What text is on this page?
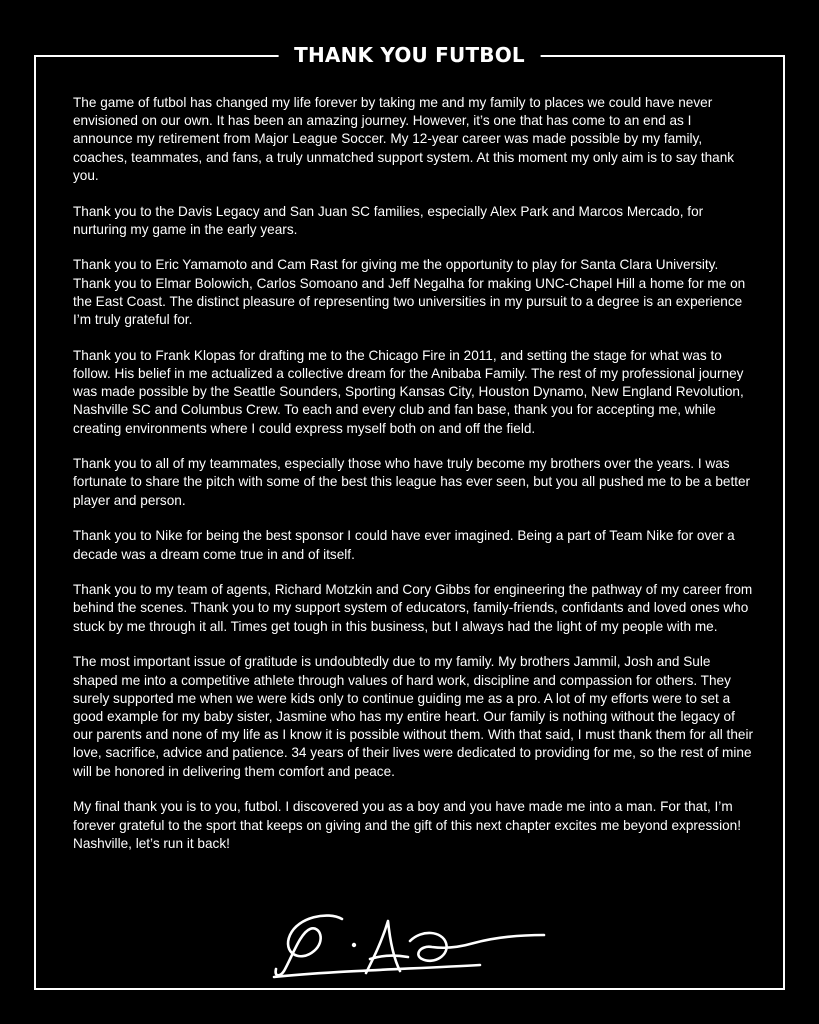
THANK YOU FUTBOL

The game of futbol has changed my life forever by taking me and my family to places we could have never envisioned on our own. It has been an amazing journey. However, it’s one that has come to an end as I announce my retirement from Major League Soccer. My 12-year career was made possible by my family, coaches, teammates, and fans, a truly unmatched support system. At this moment my only aim is to say thank you.

Thank you to the Davis Legacy and San Juan SC families, especially Alex Park and Marcos Mercado, for nurturing my game in the early years.

Thank you to Eric Yamamoto and Cam Rast for giving me the opportunity to play for Santa Clara University. Thank you to Elmar Bolowich, Carlos Somoano and Jeff Negalha for making UNC-Chapel Hill a home for me on the East Coast. The distinct pleasure of representing two universities in my pursuit to a degree is an experience I’m truly grateful for.

Thank you to Frank Klopas for drafting me to the Chicago Fire in 2011, and setting the stage for what was to follow. His belief in me actualized a collective dream for the Anibaba Family. The rest of my professional journey was made possible by the Seattle Sounders, Sporting Kansas City, Houston Dynamo, New England Revolution, Nashville SC and Columbus Crew. To each and every club and fan base, thank you for accepting me, while creating environments where I could express myself both on and off the field.

Thank you to all of my teammates, especially those who have truly become my brothers over the years. I was fortunate to share the pitch with some of the best this league has ever seen, but you all pushed me to be a better player and person.

Thank you to Nike for being the best sponsor I could have ever imagined. Being a part of Team Nike for over a decade was a dream come true in and of itself.

Thank you to my team of agents, Richard Motzkin and Cory Gibbs for engineering the pathway of my career from behind the scenes. Thank you to my support system of educators, family-friends, confidants and loved ones who stuck by me through it all. Times get tough in this business, but I always had the light of my people with me.

The most important issue of gratitude is undoubtedly due to my family. My brothers Jammil, Josh and Sule shaped me into a competitive athlete through values of hard work, discipline and compassion for others. They surely supported me when we were kids only to continue guiding me as a pro. A lot of my efforts were to set a good example for my baby sister, Jasmine who has my entire heart. Our family is nothing without the legacy of our parents and none of my life as I know it is possible without them. With that said, I must thank them for all their love, sacrifice, advice and patience. 34 years of their lives were dedicated to providing for me, so the rest of mine will be honored in delivering them comfort and peace.

My final thank you is to you, futbol. I discovered you as a boy and you have made me into a man. For that, I’m forever grateful to the sport that keeps on giving and the gift of this next chapter excites me beyond expression! Nashville, let’s run it back!
